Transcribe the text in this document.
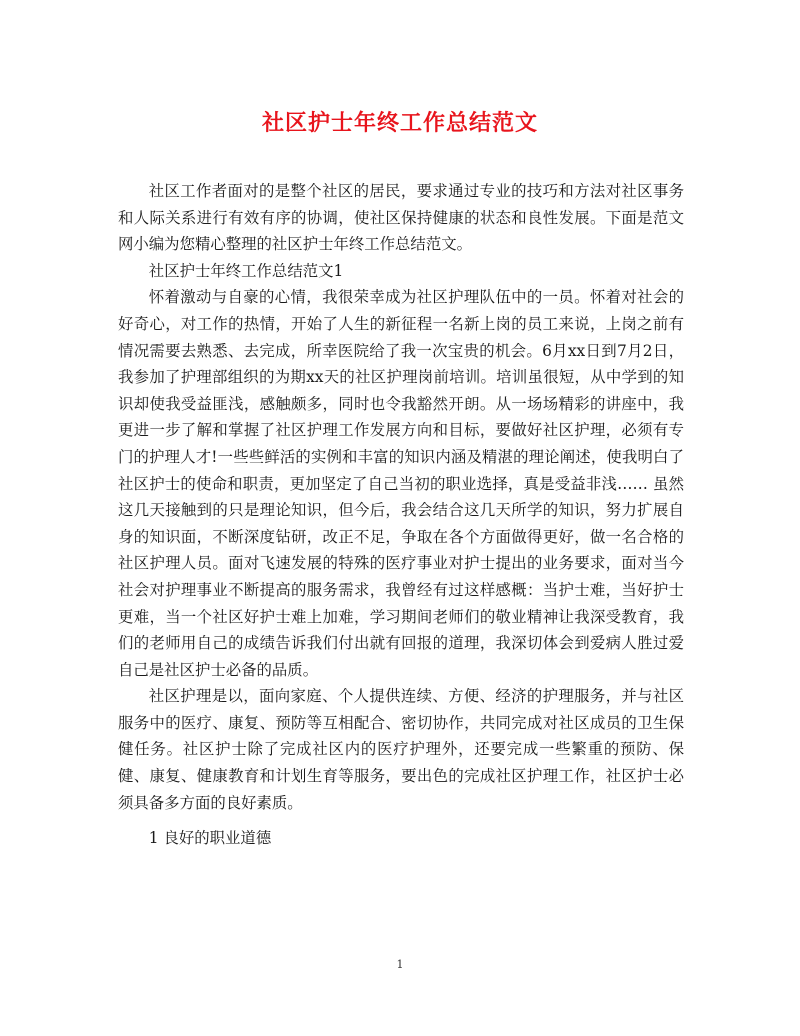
社区护士年终工作总结范文

社区工作者面对的是整个社区的居民，要求通过专业的技巧和方法对社区事务和人际关系进行有效有序的协调，使社区保持健康的状态和良性发展。下面是范文网小编为您精心整理的社区护士年终工作总结范文。

社区护士年终工作总结范文1

怀着激动与自豪的心情，我很荣幸成为社区护理队伍中的一员。怀着对社会的好奇心，对工作的热情，开始了人生的新征程一名新上岗的员工来说，上岗之前有情况需要去熟悉、去完成，所幸医院给了我一次宝贵的机会。6月xx日到7月2日，我参加了护理部组织的为期xx天的社区护理岗前培训。培训虽很短，从中学到的知识却使我受益匪浅，感触颇多，同时也令我豁然开朗。从一场场精彩的讲座中，我更进一步了解和掌握了社区护理工作发展方向和目标，要做好社区护理，必须有专门的护理人才!一些些鲜活的实例和丰富的知识内涵及精湛的理论阐述，使我明白了社区护士的使命和职责，更加坚定了自己当初的职业选择，真是受益非浅…… 虽然这几天接触到的只是理论知识，但今后，我会结合这几天所学的知识，努力扩展自身的知识面，不断深度钻研，改正不足，争取在各个方面做得更好，做一名合格的社区护理人员。面对飞速发展的特殊的医疗事业对护士提出的业务要求，面对当今社会对护理事业不断提高的服务需求，我曾经有过这样感概：当护士难，当好护士更难，当一个社区好护士难上加难，学习期间老师们的敬业精神让我深受教育，我们的老师用自己的成绩告诉我们付出就有回报的道理，我深切体会到爱病人胜过爱自己是社区护士必备的品质。

社区护理是以，面向家庭、个人提供连续、方便、经济的护理服务，并与社区服务中的医疗、康复、预防等互相配合、密切协作，共同完成对社区成员的卫生保健任务。社区护士除了完成社区内的医疗护理外，还要完成一些繁重的预防、保健、康复、健康教育和计划生育等服务，要出色的完成社区护理工作，社区护士必须具备多方面的良好素质。

1 良好的职业道德

1
